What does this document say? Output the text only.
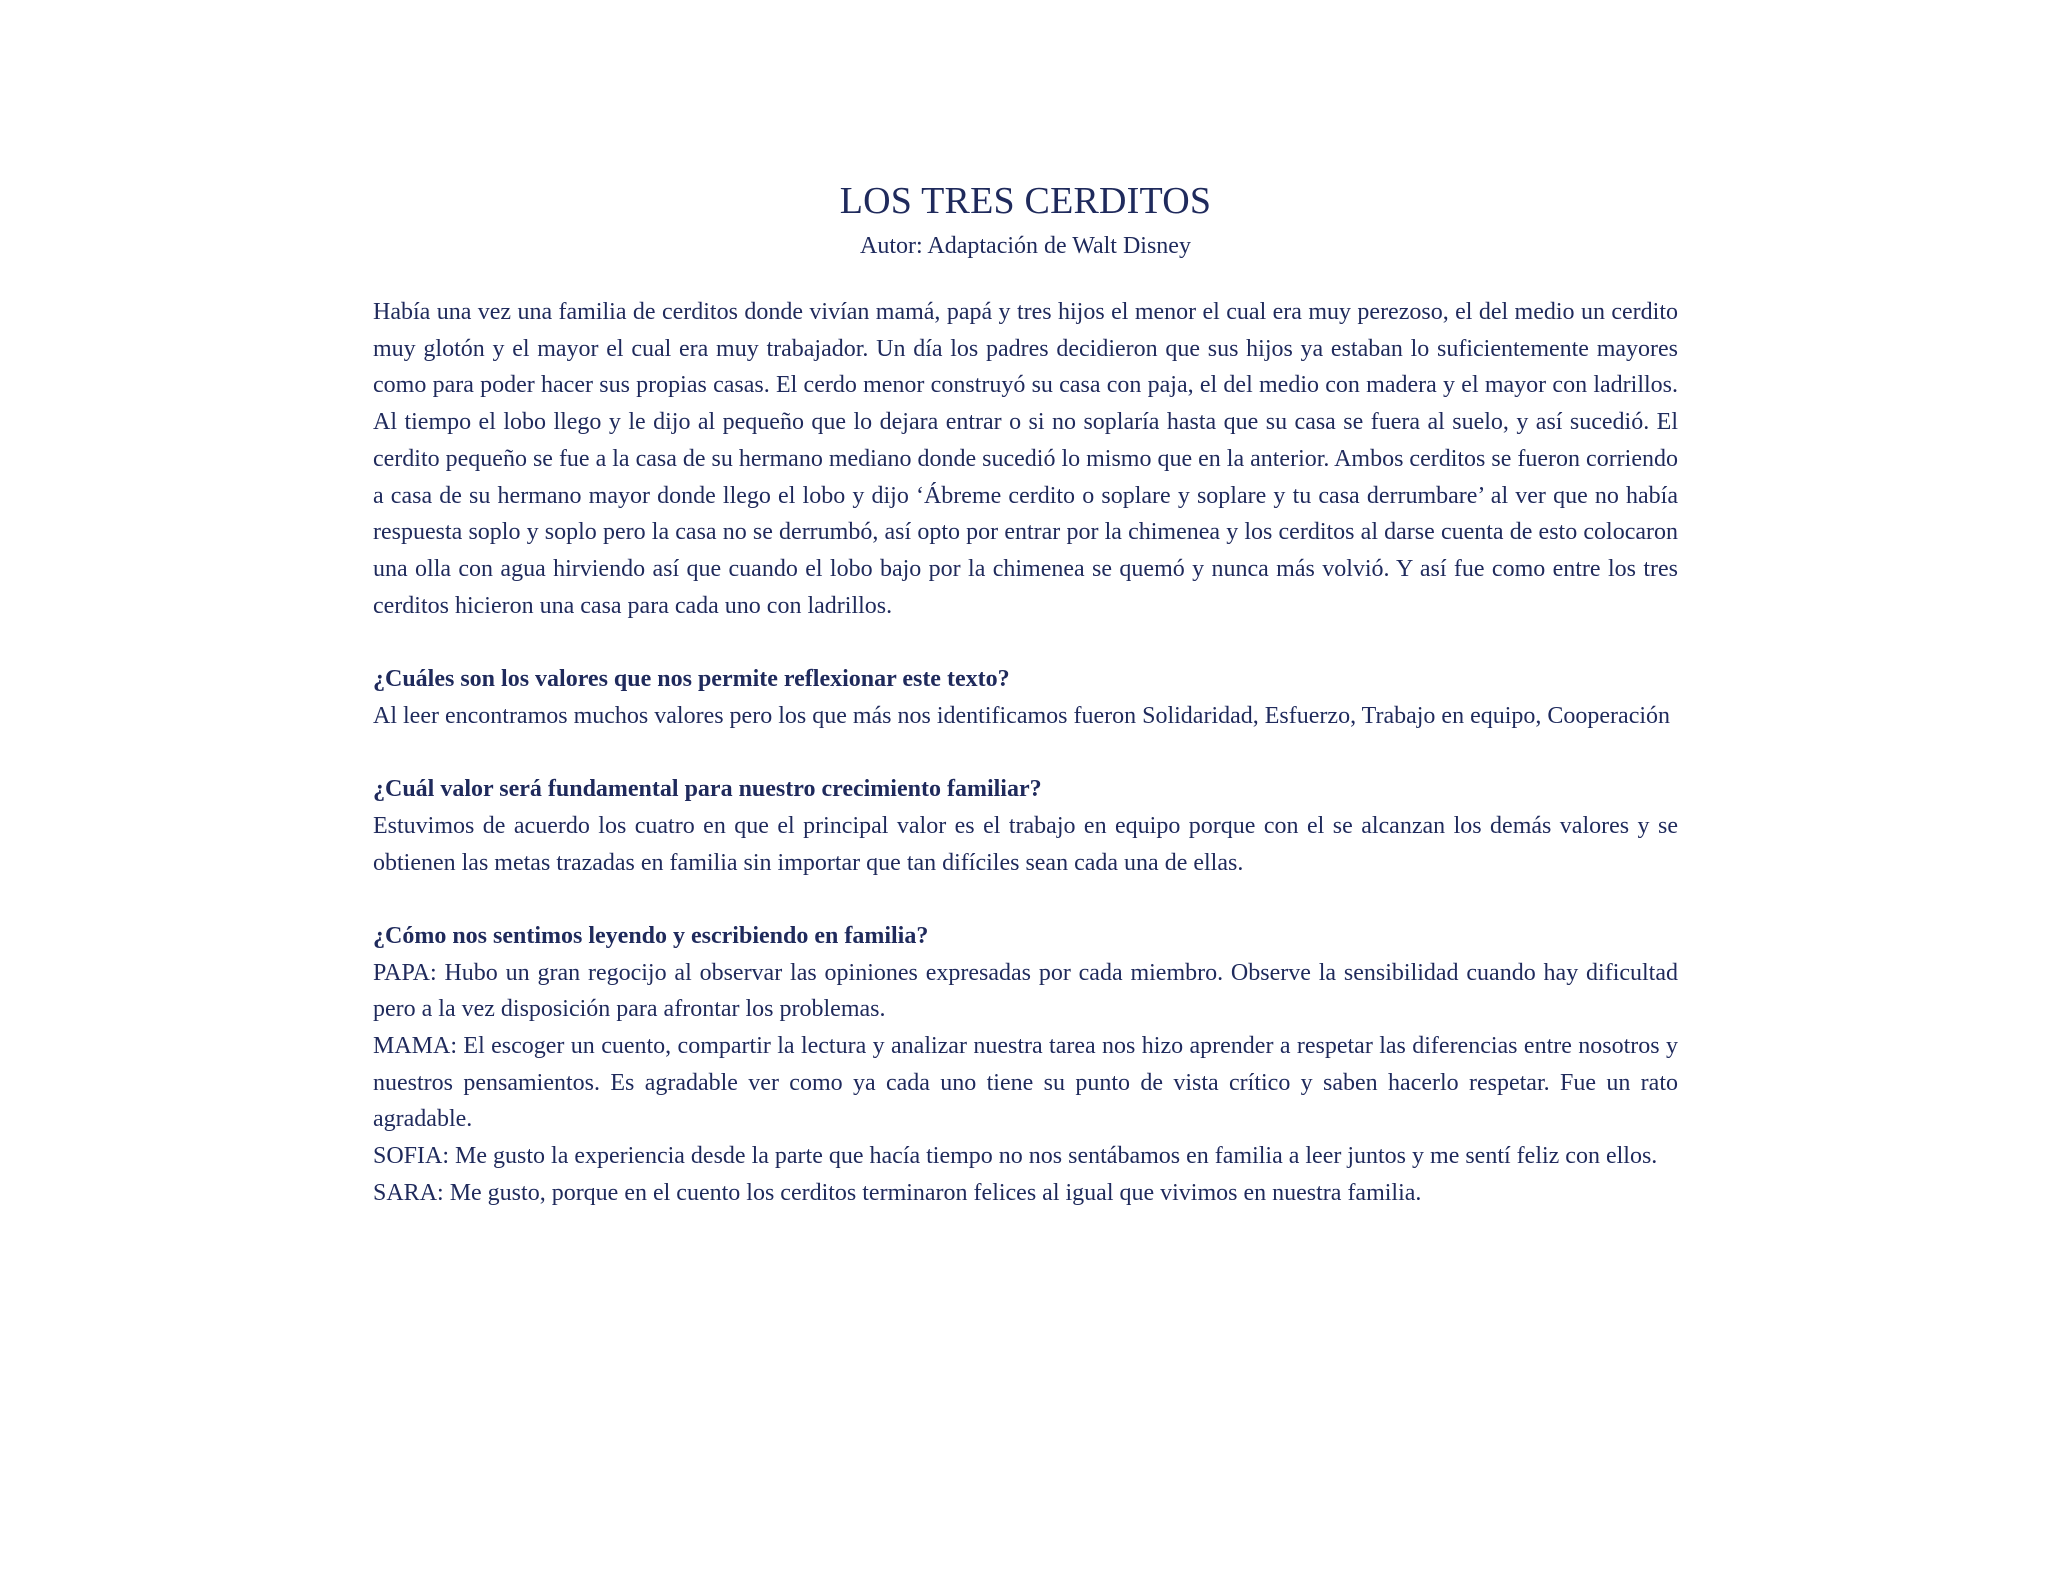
LOS TRES CERDITOS

Autor: Adaptación de Walt Disney

Había una vez una familia de cerditos donde vivían mamá, papá y tres hijos el menor el cual era muy perezoso, el del medio un cerdito muy glotón y el mayor el cual era muy trabajador. Un día los padres decidieron que sus hijos ya estaban lo suficientemente mayores como para poder hacer sus propias casas. El cerdo menor construyó su casa con paja, el del medio con madera y el mayor con ladrillos. Al tiempo el lobo llego y le dijo al pequeño que lo dejara entrar o si no soplaría hasta que su casa se fuera al suelo, y así sucedió. El cerdito pequeño se fue a la casa de su hermano mediano donde sucedió lo mismo que en la anterior. Ambos cerditos se fueron corriendo a casa de su hermano mayor donde llego el lobo y dijo ‘Ábreme cerdito o soplare y soplare y tu casa derrumbare’ al ver que no había respuesta soplo y soplo pero la casa no se derrumbó, así opto por entrar por la chimenea y los cerditos al darse cuenta de esto colocaron una olla con agua hirviendo así que cuando el lobo bajo por la chimenea se quemó y nunca más volvió. Y así fue como entre los tres cerditos hicieron una casa para cada uno con ladrillos.

¿Cuáles son los valores que nos permite reflexionar este texto?

Al leer encontramos muchos valores pero los que más nos identificamos fueron Solidaridad, Esfuerzo, Trabajo en equipo, Cooperación

¿Cuál valor será fundamental para nuestro crecimiento familiar?

Estuvimos de acuerdo los cuatro en que el principal valor es el trabajo en equipo porque con el se alcanzan los demás valores y se obtienen las metas trazadas en familia sin importar que tan difíciles sean cada una de ellas.

¿Cómo nos sentimos leyendo y escribiendo en familia?

PAPA: Hubo un gran regocijo al observar las opiniones expresadas por cada miembro. Observe la sensibilidad cuando hay dificultad pero a la vez disposición para afrontar los problemas.

MAMA: El escoger un cuento, compartir la lectura y analizar nuestra tarea nos hizo aprender a respetar las diferencias entre nosotros y nuestros pensamientos. Es agradable ver como ya cada uno tiene su punto de vista crítico y saben hacerlo respetar. Fue un rato agradable.

SOFIA: Me gusto la experiencia desde la parte que hacía tiempo no nos sentábamos en familia a leer juntos y me sentí feliz con ellos.

SARA: Me gusto, porque en el cuento los cerditos terminaron felices al igual que vivimos en nuestra familia.
